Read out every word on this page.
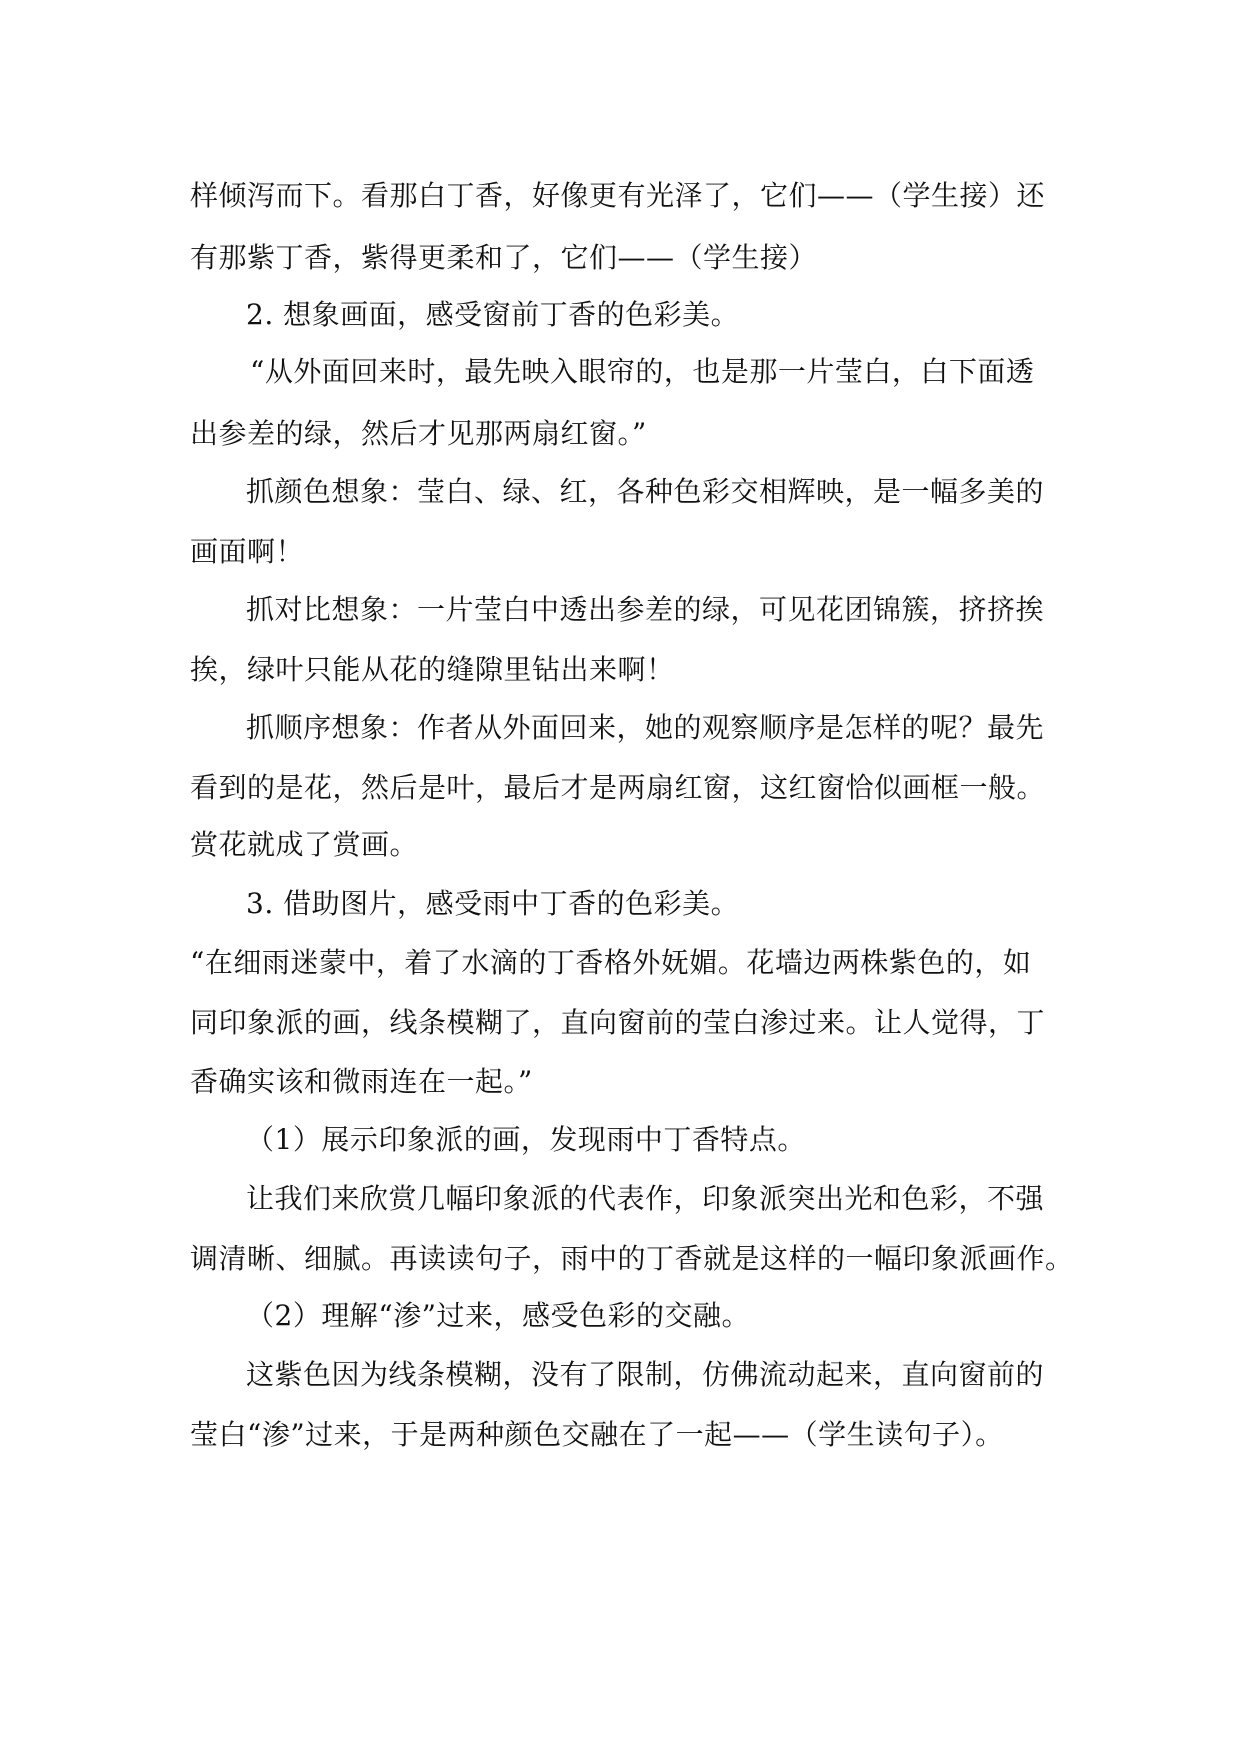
样倾泻而下。看那白丁香，好像更有光泽了，它们——（学生接）还

有那紫丁香，紫得更柔和了，它们——（学生接）

2. 想象画面，感受窗前丁香的色彩美。

“从外面回来时，最先映入眼帘的，也是那一片莹白，白下面透

出参差的绿，然后才见那两扇红窗。”

抓颜色想象：莹白、绿、红，各种色彩交相辉映，是一幅多美的

画面啊！

抓对比想象：一片莹白中透出参差的绿，可见花团锦簇，挤挤挨

挨，绿叶只能从花的缝隙里钻出来啊！

抓顺序想象：作者从外面回来，她的观察顺序是怎样的呢？最先

看到的是花，然后是叶，最后才是两扇红窗，这红窗恰似画框一般。

赏花就成了赏画。

3. 借助图片，感受雨中丁香的色彩美。

“在细雨迷蒙中，着了水滴的丁香格外妩媚。花墙边两株紫色的，如

同印象派的画，线条模糊了，直向窗前的莹白渗过来。让人觉得，丁

香确实该和微雨连在一起。”

（1）展示印象派的画，发现雨中丁香特点。

让我们来欣赏几幅印象派的代表作，印象派突出光和色彩，不强

调清晰、细腻。再读读句子，雨中的丁香就是这样的一幅印象派画作。

（2）理解“渗”过来，感受色彩的交融。

这紫色因为线条模糊，没有了限制，仿佛流动起来，直向窗前的

莹白“渗”过来，于是两种颜色交融在了一起——（学生读句子）。
